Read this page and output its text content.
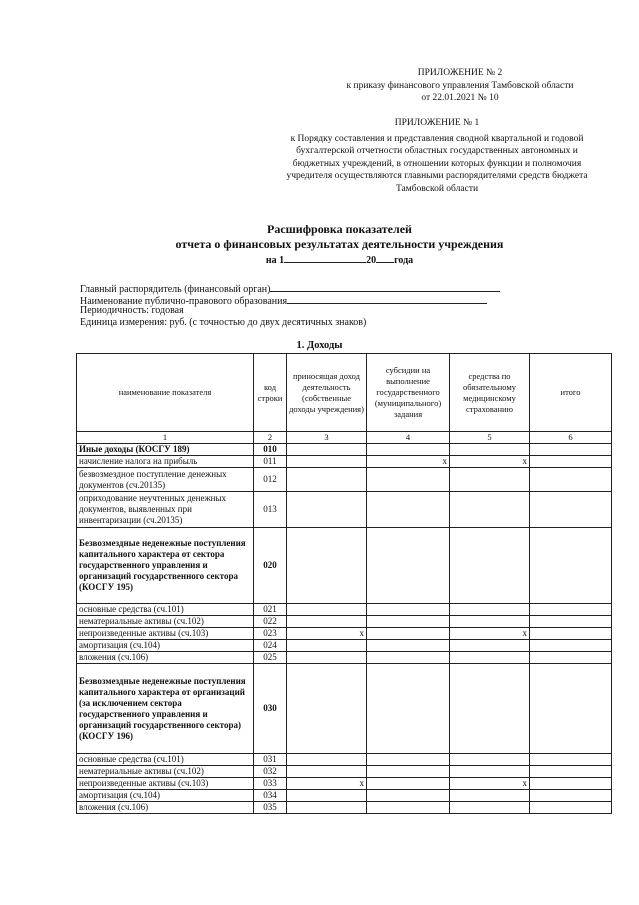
ПРИЛОЖЕНИЕ № 2
к приказу финансового управления Тамбовской области
от 22.01.2021 № 10
ПРИЛОЖЕНИЕ № 1
к Порядку составления и представления сводной квартальной и годовой
бухгалтерской отчетности областных государственных автономных и
бюджетных учреждений, в отношении которых функции и полномочия
учредителя осуществляются главными распорядителями средств бюджета
Тамбовской области
Расшифровка показателей
отчета о финансовых результатах деятельности учреждения
на 1	20 года
Главный распорядитель (финансовый орган)
Наименование публично-правового образования
Периодичность: годовая
Единица измерения: руб. (с точностью до двух десятичных знаков)
1. Доходы
наименование показателя	код строки	приносящая доход деятельность (собственные доходы учреждения)	субсидии на выполнение государственного (муниципального) задания	средства по обязательному медицинскому страхованию	итого
1	2	3	4	5	6
Иные доходы (КОСГУ 189)	010				
начисление налога на прибыль	011		x	x	
безвозмездное поступление денежных документов (сч.20135)	012				
оприходование неучтенных денежных документов, выявленных при инвентаризации (сч.20135)	013				
Безвозмездные неденежные поступления капитального характера от сектора государственного управления и организаций государственного сектора (КОСГУ 195)	020				
основные средства (сч.101)	021				
нематериальные активы (сч.102)	022				
непроизведенные активы (сч.103)	023	x		x	
амортизация (сч.104)	024				
вложения (сч.106)	025				
Безвозмездные неденежные поступления капитального характера от организаций (за исключением сектора государственного управления и организаций государственного сектора) (КОСГУ 196)	030				
основные средства (сч.101)	031				
нематериальные активы (сч.102)	032				
непроизведенные активы (сч.103)	033	x		x	
амортизация (сч.104)	034				
вложения (сч.106)	035				
